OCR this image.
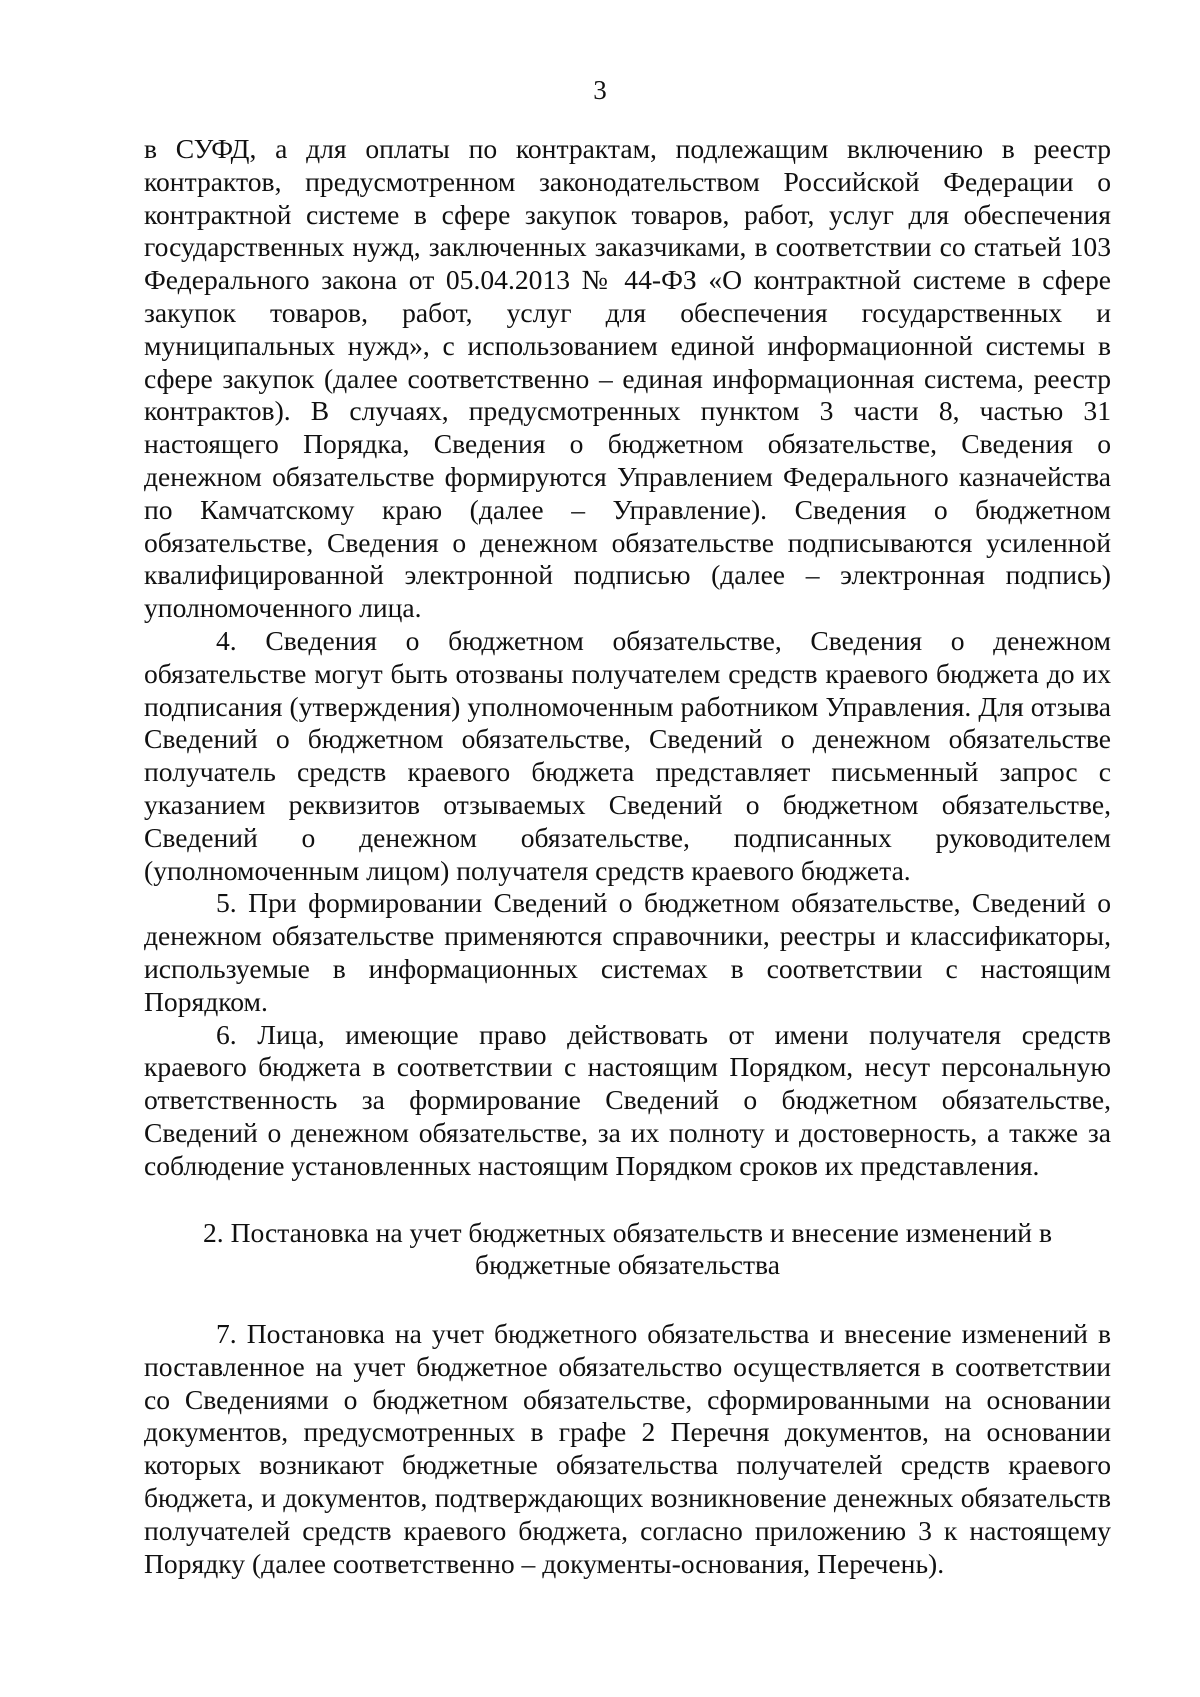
3

в СУФД, а для оплаты по контрактам, подлежащим включению в реестр контрактов, предусмотренном законодательством Российской Федерации о контрактной системе в сфере закупок товаров, работ, услуг для обеспечения государственных нужд, заключенных заказчиками, в соответствии со статьей 103 Федерального закона от 05.04.2013 № 44-ФЗ «О контрактной системе в сфере закупок товаров, работ, услуг для обеспечения государственных и муниципальных нужд», с использованием единой информационной системы в сфере закупок (далее соответственно – единая информационная система, реестр контрактов). В случаях, предусмотренных пунктом 3 части 8, частью 31 настоящего Порядка, Сведения о бюджетном обязательстве, Сведения о денежном обязательстве формируются Управлением Федерального казначейства по Камчатскому краю (далее – Управление). Сведения о бюджетном обязательстве, Сведения о денежном обязательстве подписываются усиленной квалифицированной электронной подписью (далее – электронная подпись) уполномоченного лица.

4. Сведения о бюджетном обязательстве, Сведения о денежном обязательстве могут быть отозваны получателем средств краевого бюджета до их подписания (утверждения) уполномоченным работником Управления. Для отзыва Сведений о бюджетном обязательстве, Сведений о денежном обязательстве получатель средств краевого бюджета представляет письменный запрос с указанием реквизитов отзываемых Сведений о бюджетном обязательстве, Сведений о денежном обязательстве, подписанных руководителем (уполномоченным лицом) получателя средств краевого бюджета.

5. При формировании Сведений о бюджетном обязательстве, Сведений о денежном обязательстве применяются справочники, реестры и классификаторы, используемые в информационных системах в соответствии с настоящим Порядком.

6. Лица, имеющие право действовать от имени получателя средств краевого бюджета в соответствии с настоящим Порядком, несут персональную ответственность за формирование Сведений о бюджетном обязательстве, Сведений о денежном обязательстве, за их полноту и достоверность, а также за соблюдение установленных настоящим Порядком сроков их представления.

2. Постановка на учет бюджетных обязательств и внесение изменений в бюджетные обязательства

7. Постановка на учет бюджетного обязательства и внесение изменений в поставленное на учет бюджетное обязательство осуществляется в соответствии со Сведениями о бюджетном обязательстве, сформированными на основании документов, предусмотренных в графе 2 Перечня документов, на основании которых возникают бюджетные обязательства получателей средств краевого бюджета, и документов, подтверждающих возникновение денежных обязательств получателей средств краевого бюджета, согласно приложению 3 к настоящему Порядку (далее соответственно – документы-основания, Перечень).
